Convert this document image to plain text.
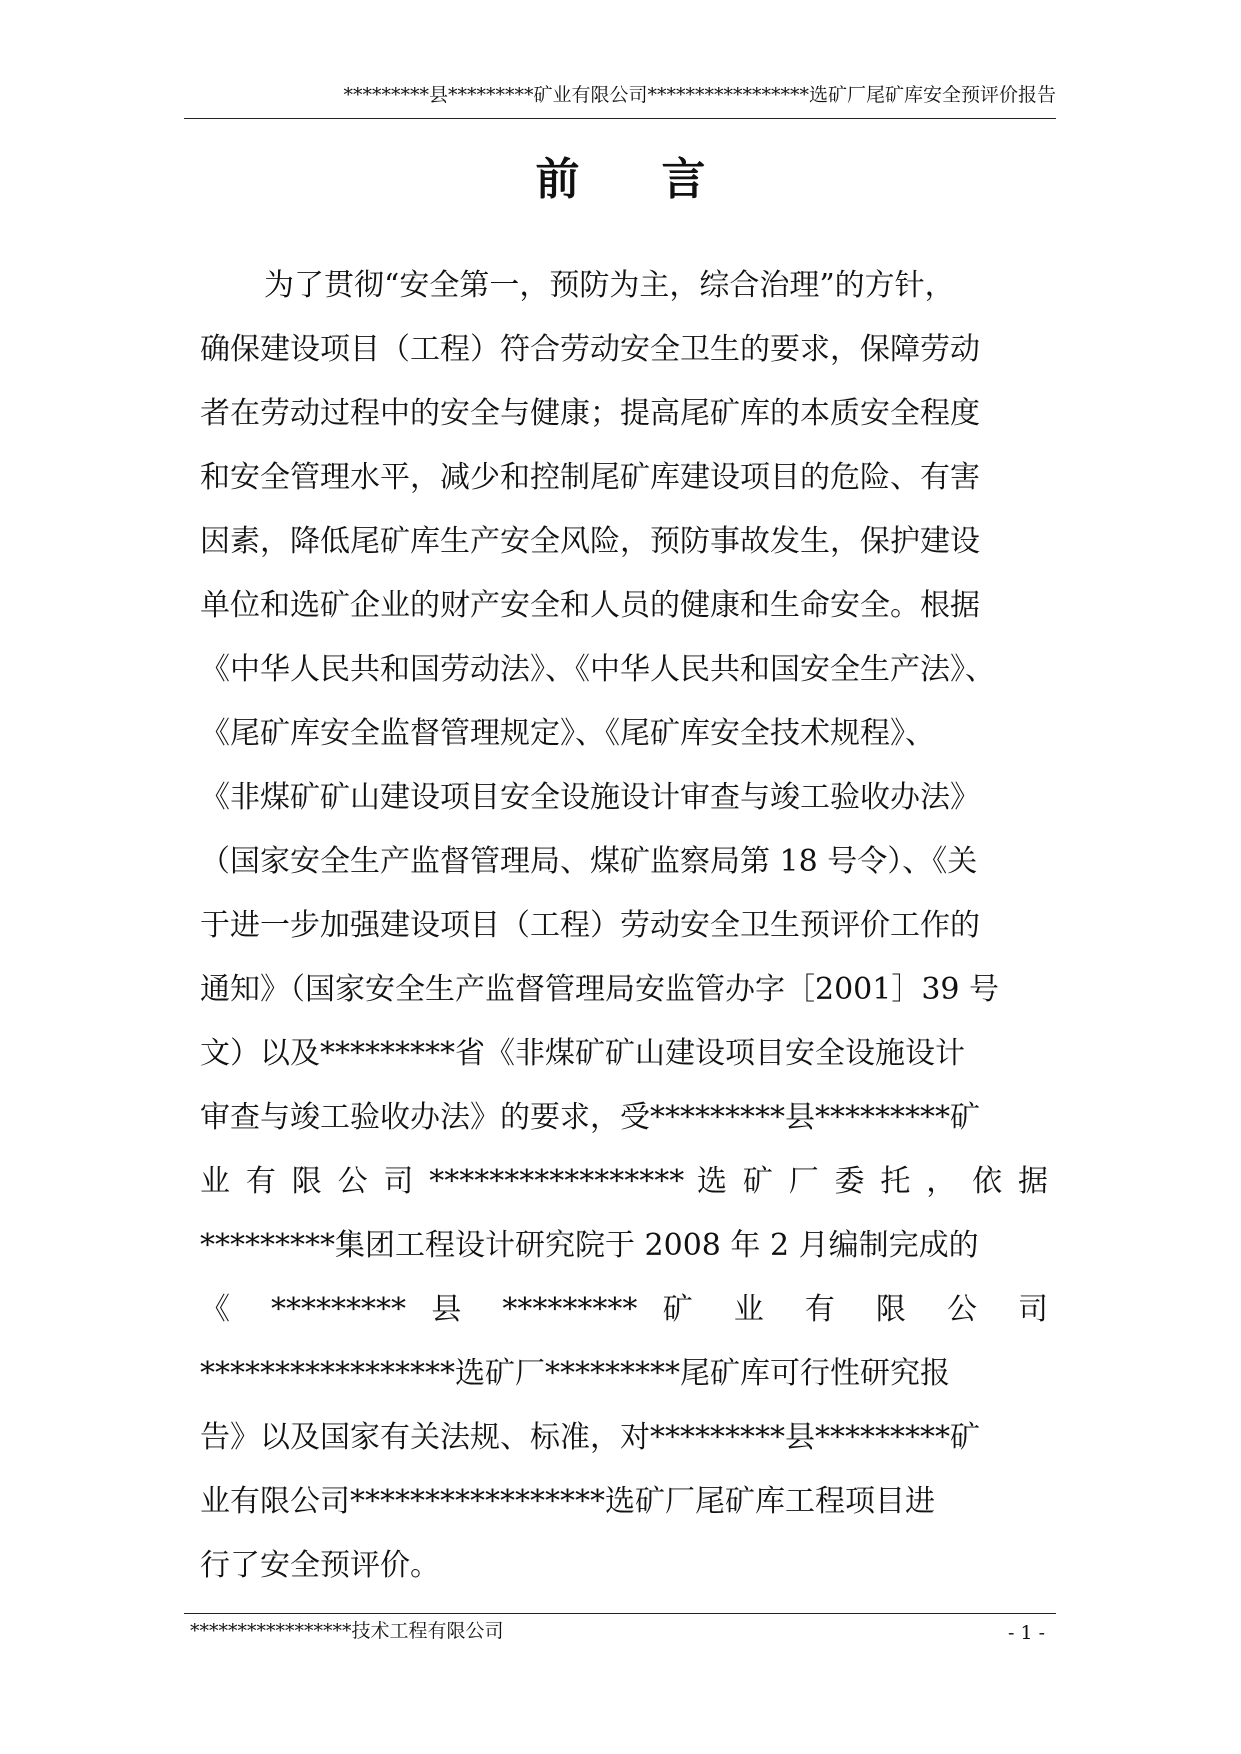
*********县*********矿业有限公司*****************选矿厂尾矿库安全预评价报告
前言
为了贯彻“安全第一，预防为主，综合治理”的方针，
确保建设项目（工程）符合劳动安全卫生的要求，保障劳动
者在劳动过程中的安全与健康；提高尾矿库的本质安全程度
和安全管理水平，减少和控制尾矿库建设项目的危险、有害
因素，降低尾矿库生产安全风险，预防事故发生，保护建设
单位和选矿企业的财产安全和人员的健康和生命安全。根据
《中华人民共和国劳动法》、《中华人民共和国安全生产法》、
《尾矿库安全监督管理规定》、《尾矿库安全技术规程》、
《非煤矿矿山建设项目安全设施设计审查与竣工验收办法》
（国家安全生产监督管理局、煤矿监察局第 18 号令）、《关
于进一步加强建设项目（工程）劳动安全卫生预评价工作的
通知》（国家安全生产监督管理局安监管办字［2001］39 号
文）以及*********省《非煤矿矿山建设项目安全设施设计
审查与竣工验收办法》的要求，受*********县*********矿
业 有 限 公 司 ***************** 选 矿 厂 委 托 ， 依 据
*********集团工程设计研究院于 2008 年 2 月编制完成的
《 ********* 县 ********* 矿 业 有 限 公 司
*****************选矿厂*********尾矿库可行性研究报
告》以及国家有关法规、标准，对*********县*********矿
业有限公司*****************选矿厂尾矿库工程项目进
行了安全预评价。
*****************技术工程有限公司	- 1 -
